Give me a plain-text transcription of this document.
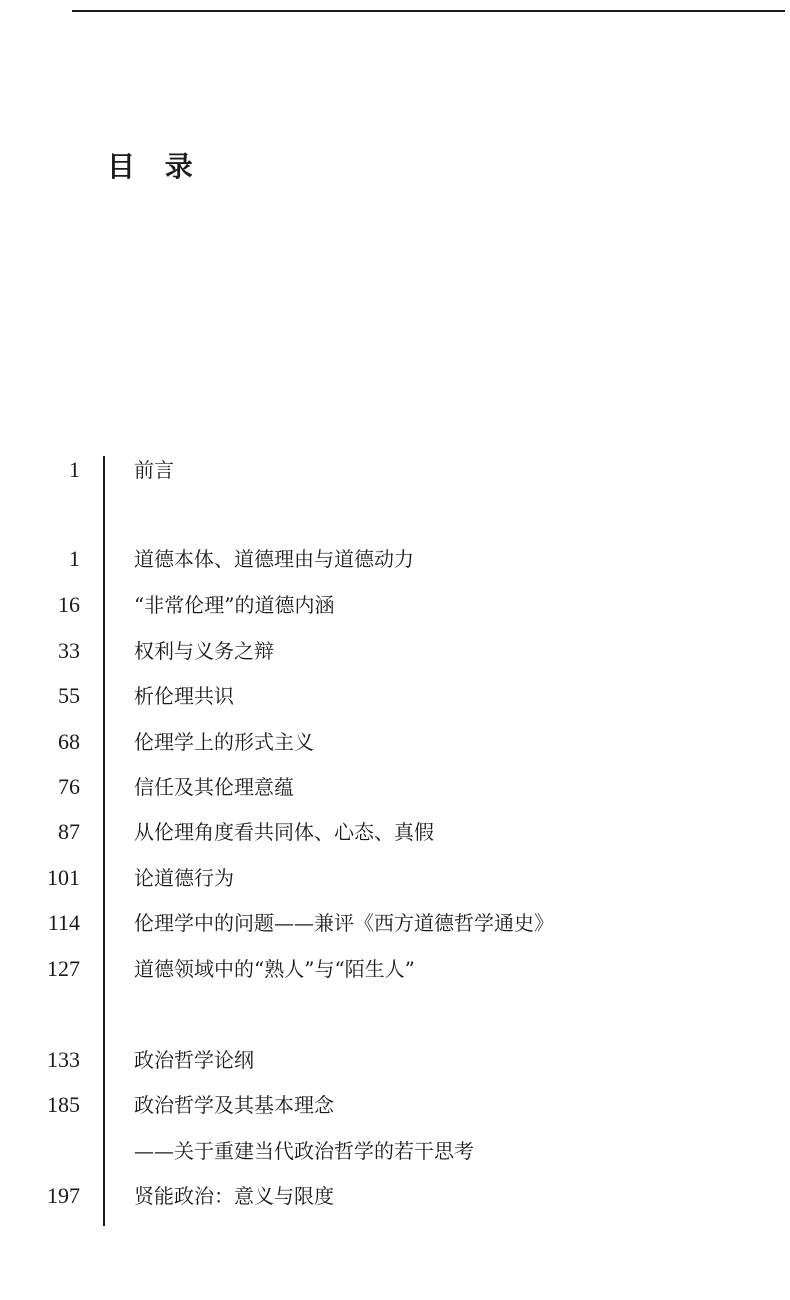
目 录
1	前言
1	道德本体、道德理由与道德动力
16	“非常伦理”的道德内涵
33	权利与义务之辩
55	析伦理共识
68	伦理学上的形式主义
76	信任及其伦理意蕴
87	从伦理角度看共同体、心态、真假
101	论道德行为
114	伦理学中的问题——兼评《西方道德哲学通史》
127	道德领域中的“熟人”与“陌生人”
133	政治哲学论纲
185	政治哲学及其基本理念
——关于重建当代政治哲学的若干思考
197	贤能政治：意义与限度
